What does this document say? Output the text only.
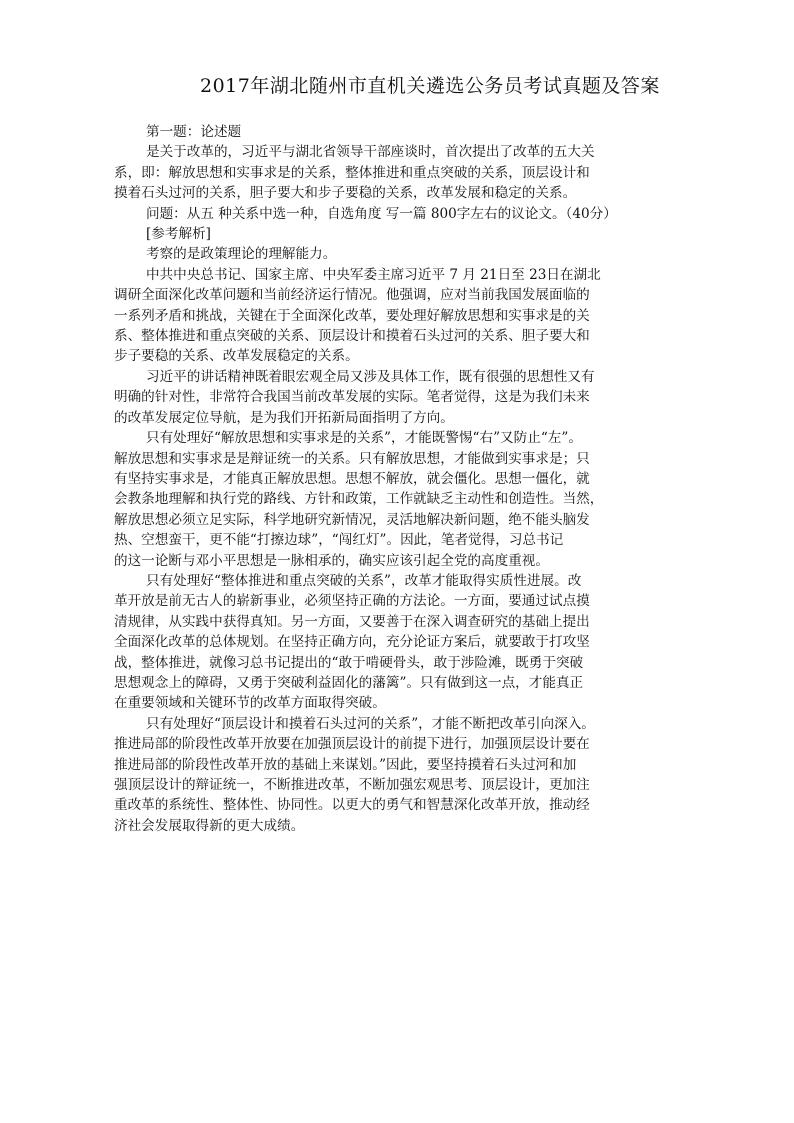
2017年湖北随州市直机关遴选公务员考试真题及答案

第一题：论述题

是关于改革的，习近平与湖北省领导干部座谈时，首次提出了改革的五大关

系，即：解放思想和实事求是的关系，整体推进和重点突破的关系，顶层设计和

摸着石头过河的关系，胆子要大和步子要稳的关系，改革发展和稳定的关系。

问题：从五 种关系中选一种，自选角度 写一篇 800字左右的议论文。（40分）

[参考解析]

考察的是政策理论的理解能力。

中共中央总书记、国家主席、中央军委主席习近平 7 月 21日至 23日在湖北

调研全面深化改革问题和当前经济运行情况。他强调，应对当前我国发展面临的

一系列矛盾和挑战，关键在于全面深化改革，要处理好解放思想和实事求是的关

系、整体推进和重点突破的关系、顶层设计和摸着石头过河的关系、胆子要大和

步子要稳的关系、改革发展稳定的关系。

习近平的讲话精神既着眼宏观全局又涉及具体工作，既有很强的思想性又有

明确的针对性，非常符合我国当前改革发展的实际。笔者觉得，这是为我们未来

的改革发展定位导航，是为我们开拓新局面指明了方向。

只有处理好“解放思想和实事求是的关系”，才能既警惕“右”又防止“左”。

解放思想和实事求是是辩证统一的关系。只有解放思想，才能做到实事求是；只

有坚持实事求是，才能真正解放思想。思想不解放，就会僵化。思想一僵化，就

会教条地理解和执行党的路线、方针和政策，工作就缺乏主动性和创造性。当然，

解放思想必须立足实际，科学地研究新情况，灵活地解决新问题，绝不能头脑发

热、空想蛮干，更不能“打擦边球”，“闯红灯”。因此，笔者觉得，习总书记

的这一论断与邓小平思想是一脉相承的，确实应该引起全党的高度重视。

只有处理好“整体推进和重点突破的关系”，改革才能取得实质性进展。改

革开放是前无古人的崭新事业，必须坚持正确的方法论。一方面，要通过试点摸

清规律，从实践中获得真知。另一方面，又要善于在深入调查研究的基础上提出

全面深化改革的总体规划。在坚持正确方向，充分论证方案后，就要敢于打攻坚

战，整体推进，就像习总书记提出的“敢于啃硬骨头，敢于涉险滩，既勇于突破

思想观念上的障碍，又勇于突破利益固化的藩篱”。只有做到这一点，才能真正

在重要领域和关键环节的改革方面取得突破。

只有处理好“顶层设计和摸着石头过河的关系”，才能不断把改革引向深入。

推进局部的阶段性改革开放要在加强顶层设计的前提下进行，加强顶层设计要在

推进局部的阶段性改革开放的基础上来谋划。”因此，要坚持摸着石头过河和加

强顶层设计的辩证统一，不断推进改革，不断加强宏观思考、顶层设计，更加注

重改革的系统性、整体性、协同性。以更大的勇气和智慧深化改革开放，推动经

济社会发展取得新的更大成绩。
